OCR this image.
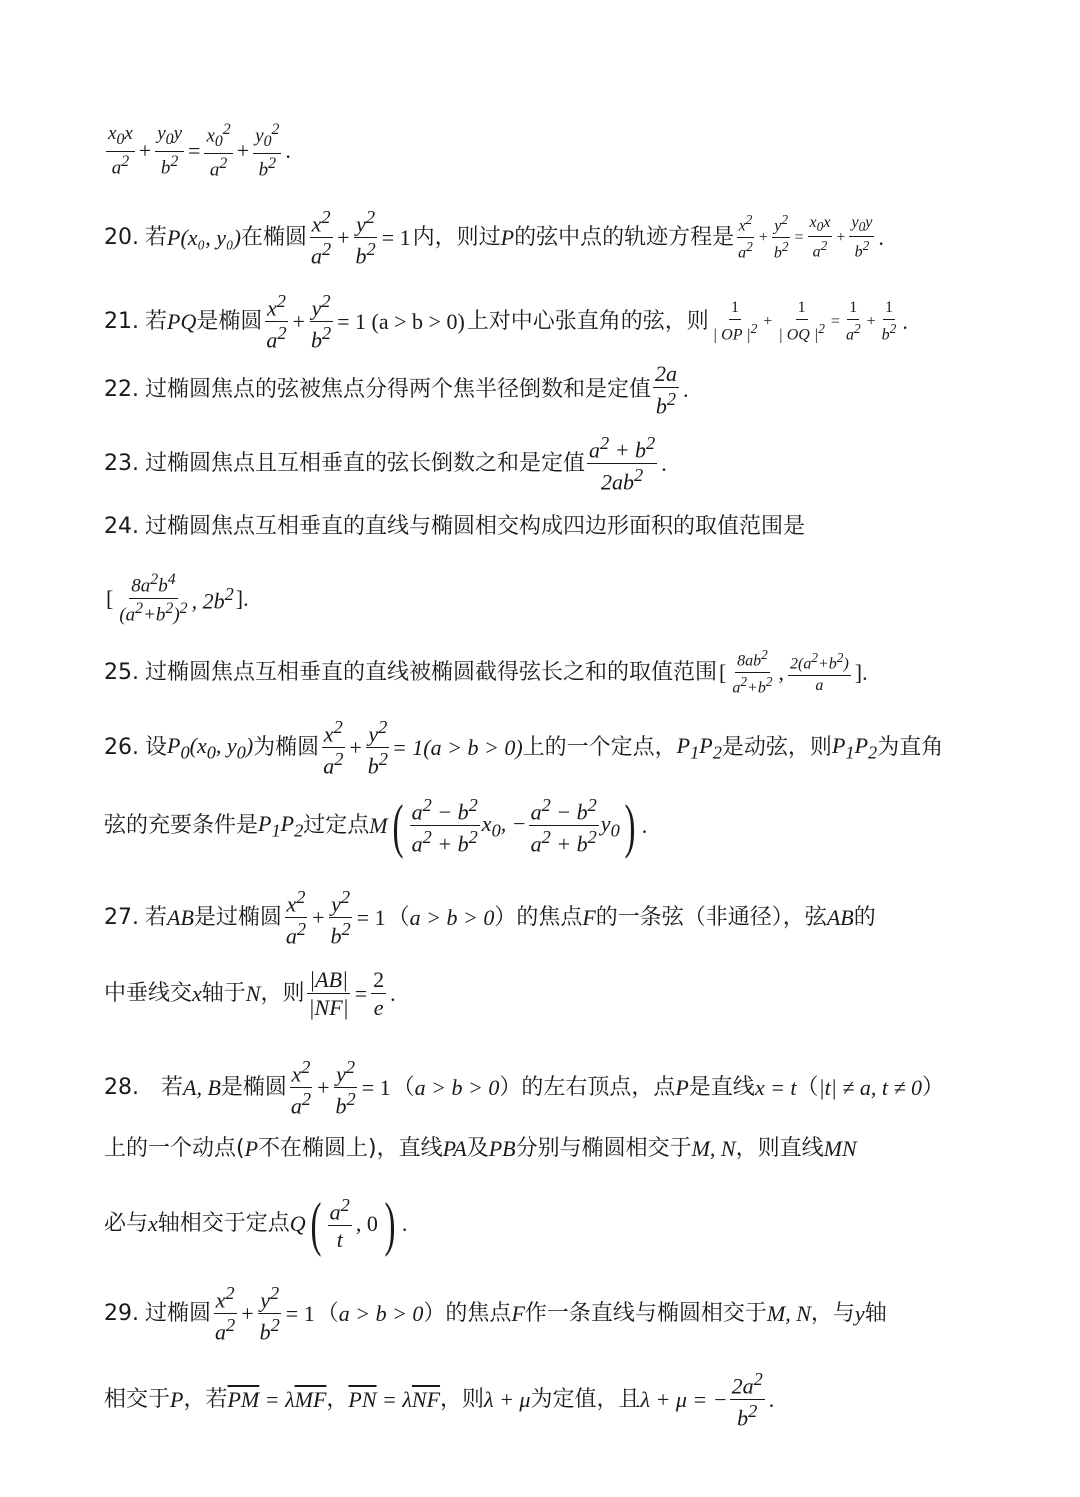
$\frac{x_0x}{a^2} + \frac{y_0y}{b^2} = \frac{x_0^2}{a^2} + \frac{y_0^2}{b^2}$ .
20. 若 P(x₀, y₀) 在椭圆 $\frac{x^2}{a^2} + \frac{y^2}{b^2} = 1$ 内，则过 P 的弦中点的轨迹方程是 $\frac{x^2}{a^2} + \frac{y^2}{b^2} = \frac{x_0x}{a^2} + \frac{y_0y}{b^2}$ .
21. 若 PQ 是椭圆 $\frac{x^2}{a^2} + \frac{y^2}{b^2} = 1$ (a > b > 0) 上对中心张直角的弦，则 $\frac{1}{| OP |^2} + \frac{1}{| OQ |^2} = \frac{1}{a^2} + \frac{1}{b^2}$ .
22. 过椭圆焦点的弦被焦点分得两个焦半径倒数和是定值 $\frac{2a}{b^2}$ .
23. 过椭圆焦点且互相垂直的弦长倒数之和是定值 $\frac{a^2 + b^2}{2ab^2}$ .
24. 过椭圆焦点互相垂直的直线与椭圆相交构成四边形面积的取值范围是
[ $\frac{8a^2b^4}{(a^2+b^2)^2}$ , $2b^2$ ].
25. 过椭圆焦点互相垂直的直线被椭圆截得弦长之和的取值范围 [ $\frac{8ab^2}{a^2+b^2}$ , $\frac{2(a^2+b^2)}{a}$ ].
26. 设 $P_0(x_0$, $y_0$) 为椭圆 $\frac{x^2}{a^2} + \frac{y^2}{b^2} = 1(a > b > 0)$ 上的一个定点， $P_1P_2$ 是动弦，则 $P_1P_2$ 为直角
弦的充要条件是 $P_1P_2$ 过定点 M ( $\frac{a^2 - b^2}{a^2 + b^2} x_0$, − $\frac{a^2 - b^2}{a^2 + b^2} y_0$ ) .
27. 若 AB 是过椭圆 $\frac{x^2}{a^2} + \frac{y^2}{b^2} = 1$ （ a > b > 0 ）的焦点 F 的一条弦（非通径），弦 AB 的
中垂线交 x 轴于 N ，则 $\frac{|AB|}{|NF|} = \frac{2}{e}$ .
28. 若 A, B 是椭圆 $\frac{x^2}{a^2} + \frac{y^2}{b^2} = 1$ （ a > b > 0 ）的左右顶点，点 P 是直线 x = t （ |t| ≠ a, t ≠ 0 ）
上的一个动点( P 不在椭圆上)，直线 PA 及 PB 分别与椭圆相交于 M, N ，则直线 MN
必与 x 轴相交于定点 Q ( $\frac{a^2}{t}$ , 0 ) .
29. 过椭圆 $\frac{x^2}{a^2} + \frac{y^2}{b^2} = 1$ （ a > b > 0 ）的焦点 F 作一条直线与椭圆相交于 M, N ，与 y 轴
相交于 P ，若 $\overline{PM} = \lambda\overline{MF}$ ， $\overline{PN} = \lambda\overline{NF}$ ，则 λ + μ 为定值，且 λ + μ = − $\frac{2a^2}{b^2}$ .
